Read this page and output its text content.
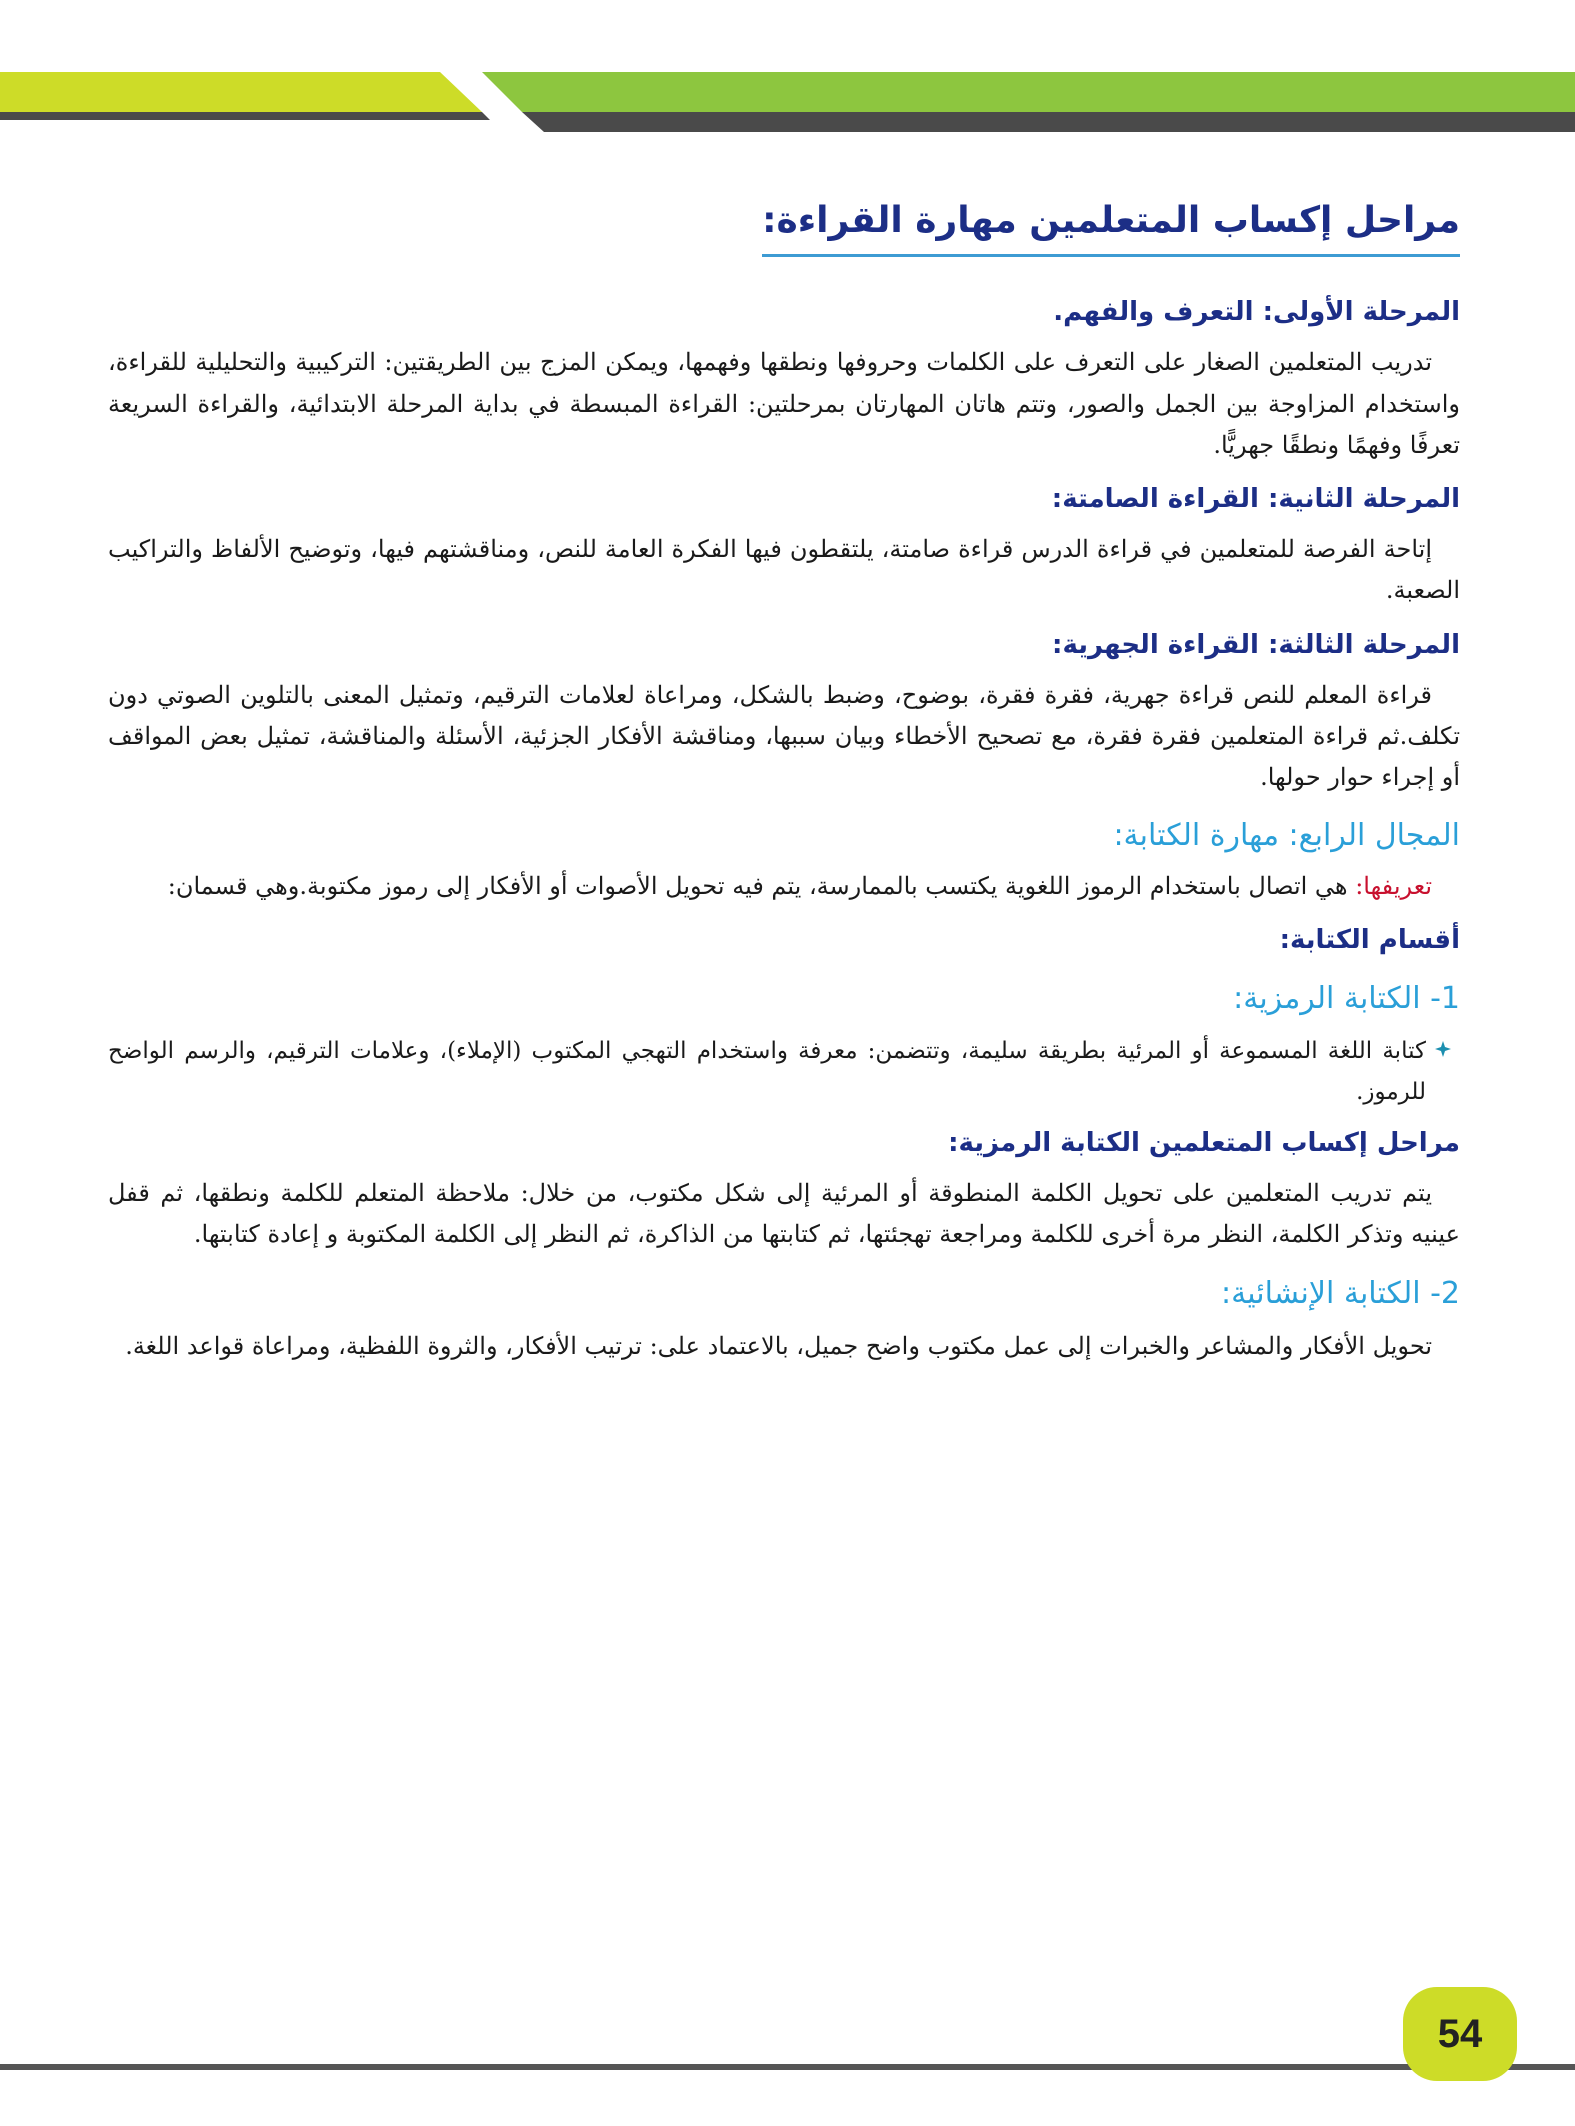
مراحل إكساب المتعلمين مهارة القراءة:
المرحلة الأولى: التعرف والفهم.

تدريب المتعلمين الصغار على التعرف على الكلمات وحروفها ونطقها وفهمها، ويمكن المزج بين الطريقتين: التركيبية والتحليلية للقراءة، واستخدام المزاوجة بين الجمل والصور، وتتم هاتان المهارتان بمرحلتين: القراءة المبسطة في بداية المرحلة الابتدائية، والقراءة السريعة تعرفًا وفهمًا ونطقًا جهريًّا.

المرحلة الثانية: القراءة الصامتة:

إتاحة الفرصة للمتعلمين في قراءة الدرس قراءة صامتة، يلتقطون فيها الفكرة العامة للنص، ومناقشتهم فيها، وتوضيح الألفاظ والتراكيب الصعبة.

المرحلة الثالثة: القراءة الجهرية:

قراءة المعلم للنص قراءة جهرية، فقرة فقرة، بوضوح، وضبط بالشكل، ومراعاة لعلامات الترقيم، وتمثيل المعنى بالتلوين الصوتي دون تكلف.ثم قراءة المتعلمين فقرة فقرة، مع تصحيح الأخطاء وبيان سببها، ومناقشة الأفكار الجزئية، الأسئلة والمناقشة، تمثيل بعض المواقف أو إجراء حوار حولها.

المجال الرابع: مهارة الكتابة:

تعريفها: هي اتصال باستخدام الرموز اللغوية يكتسب بالممارسة، يتم فيه تحويل الأصوات أو الأفكار إلى رموز مكتوبة.وهي قسمان:

أقسام الكتابة:
1- الكتابة الرمزية:
كتابة اللغة المسموعة أو المرئية بطريقة سليمة، وتتضمن: معرفة واستخدام التهجي المكتوب (الإملاء)، وعلامات الترقيم، والرسم الواضح للرموز.
مراحل إكساب المتعلمين الكتابة الرمزية:

يتم تدريب المتعلمين على تحويل الكلمة المنطوقة أو المرئية إلى شكل مكتوب، من خلال: ملاحظة المتعلم للكلمة ونطقها، ثم قفل عينيه وتذكر الكلمة، النظر مرة أخرى للكلمة ومراجعة تهجئتها، ثم كتابتها من الذاكرة، ثم النظر إلى الكلمة المكتوبة و إعادة كتابتها.

2- الكتابة الإنشائية:

تحويل الأفكار والمشاعر والخبرات إلى عمل مكتوب واضح جميل، بالاعتماد على: ترتيب الأفكار، والثروة اللفظية، ومراعاة قواعد اللغة.

54
